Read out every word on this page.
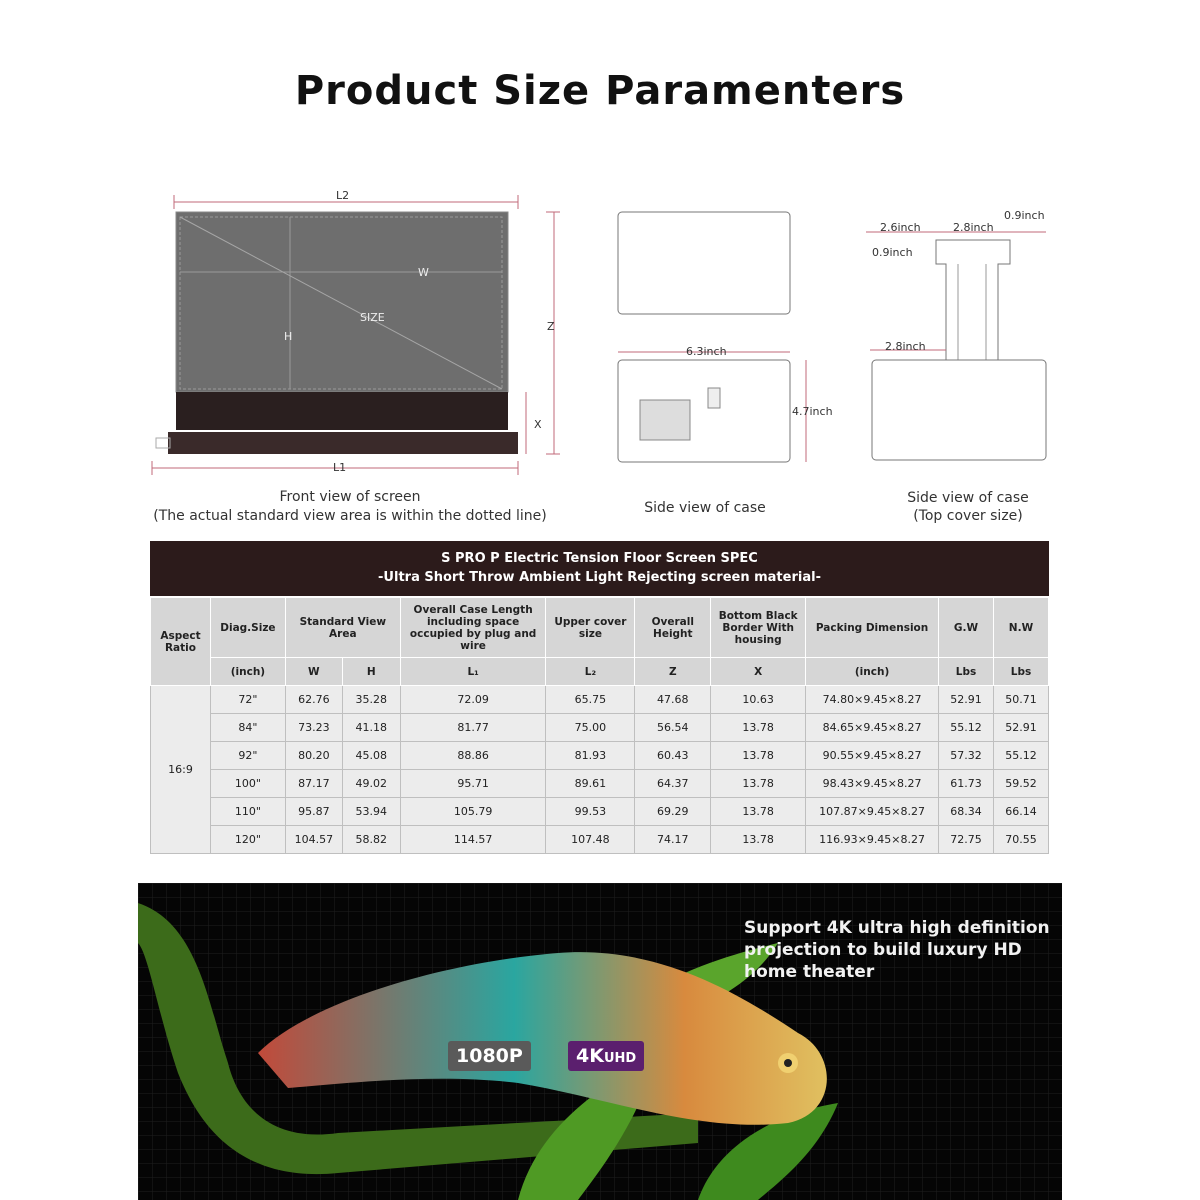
Product Size Paramenters
L2
W
H
SIZE
Z
X
L1
Front view of screen
(The actual standard view area is within the dotted line)
6.3inch
4.7inch
Side view of case
2.6inch	2.8inch
0.9inch
0.9inch
2.8inch
Side view of case
(Top cover size)
S PRO P Electric Tension Floor Screen SPEC
-Ultra Short Throw Ambient Light Rejecting screen material-
Aspect Ratio	Diag.Size	Standard View Area		Overall Case Length including space occupied by plug and wire	Upper cover size	Overall Height	Bottom Black Border With housing	Packing Dimension	G.W	N.W
	(inch)	W	H	L₁	L₂	Z	X	(inch)	Lbs	Lbs
16:9	72"	62.76	35.28	72.09	65.75	47.68	10.63	74.80×9.45×8.27	52.91	50.71
	84"	73.23	41.18	81.77	75.00	56.54	13.78	84.65×9.45×8.27	55.12	52.91
	92"	80.20	45.08	88.86	81.93	60.43	13.78	90.55×9.45×8.27	57.32	55.12
	100"	87.17	49.02	95.71	89.61	64.37	13.78	98.43×9.45×8.27	61.73	59.52
	110"	95.87	53.94	105.79	99.53	69.29	13.78	107.87×9.45×8.27	68.34	66.14
	120"	104.57	58.82	114.57	107.48	74.17	13.78	116.93×9.45×8.27	72.75	70.55
Support 4K ultra high definition projection to build luxury HD home theater
1080P	4KUHD
